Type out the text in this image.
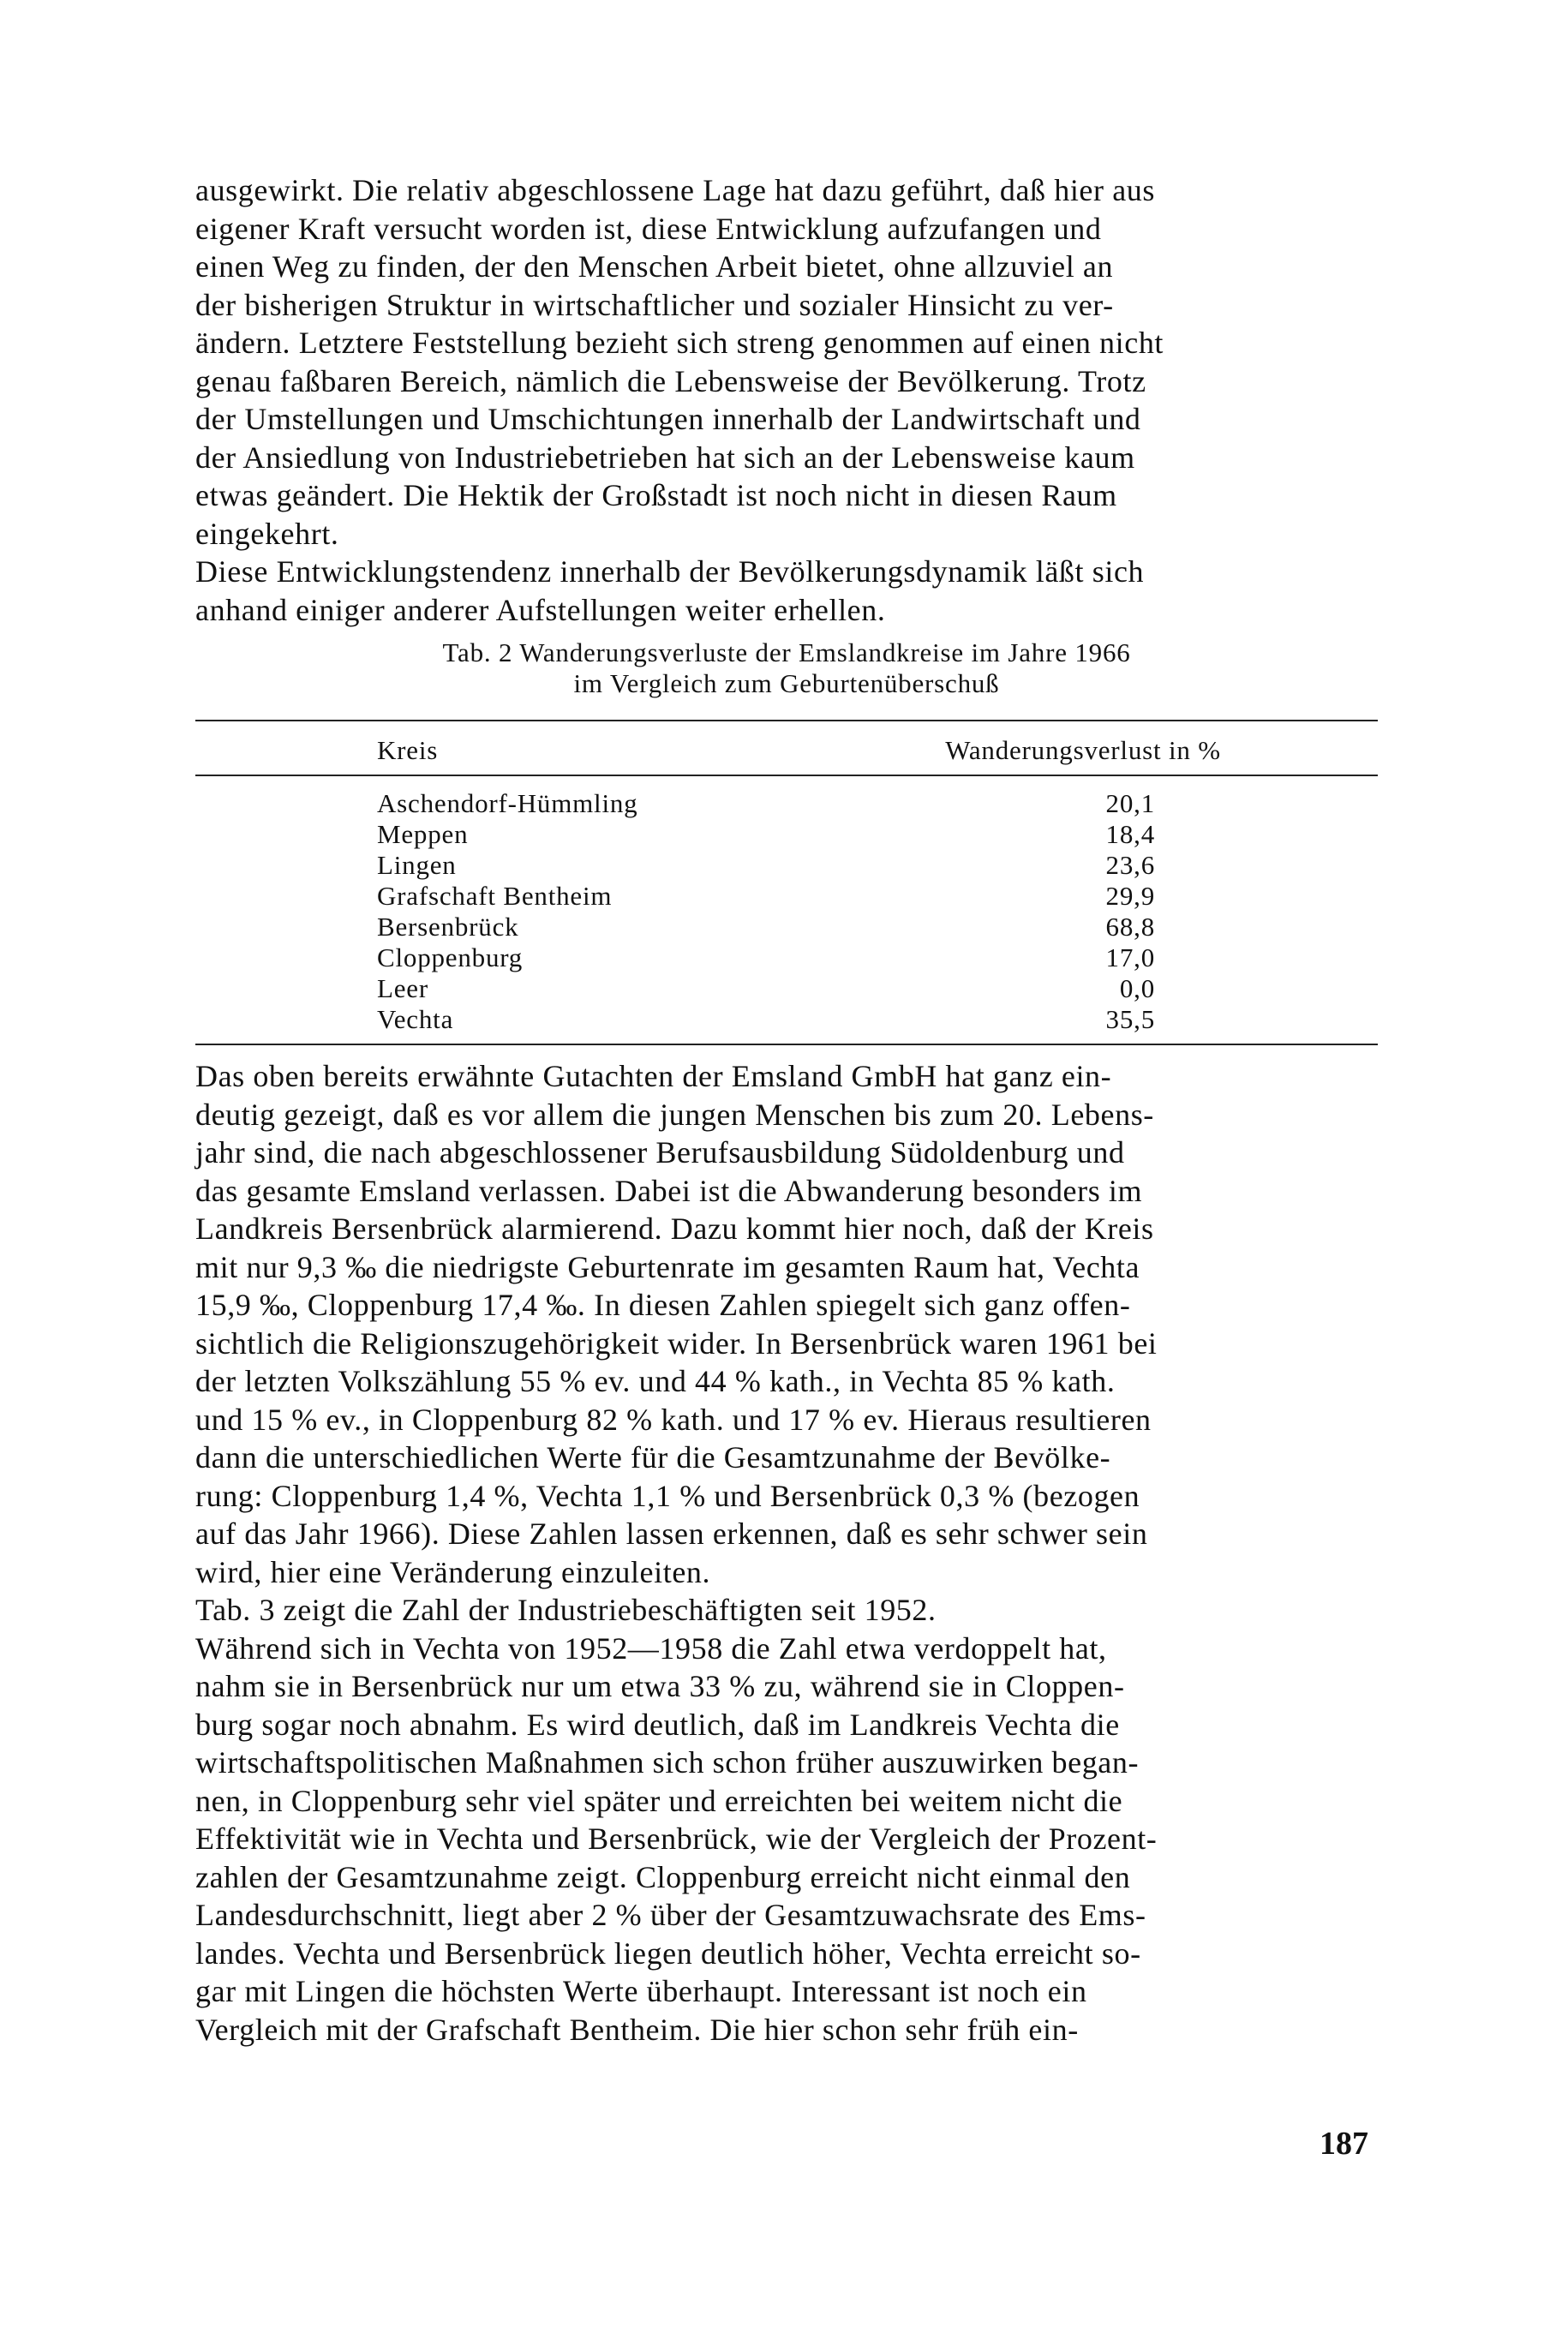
ausgewirkt. Die relativ abgeschlossene Lage hat dazu geführt, daß hier aus

eigener Kraft versucht worden ist, diese Entwicklung aufzufangen und

einen Weg zu finden, der den Menschen Arbeit bietet, ohne allzuviel an

der bisherigen Struktur in wirtschaftlicher und sozialer Hinsicht zu ver-

ändern. Letztere Feststellung bezieht sich streng genommen auf einen nicht

genau faßbaren Bereich, nämlich die Lebensweise der Bevölkerung. Trotz

der Umstellungen und Umschichtungen innerhalb der Landwirtschaft und

der Ansiedlung von Industriebetrieben hat sich an der Lebensweise kaum

etwas geändert. Die Hektik der Großstadt ist noch nicht in diesen Raum

eingekehrt.

Diese Entwicklungstendenz innerhalb der Bevölkerungsdynamik läßt sich

anhand einiger anderer Aufstellungen weiter erhellen.

Tab. 2 Wanderungsverluste der Emslandkreise im Jahre 1966

im Vergleich zum Geburtenüberschuß

Kreis	Wanderungsverlust in %
Aschendorf-Hümmling	20,1
Meppen	18,4
Lingen	23,6
Grafschaft Bentheim	29,9
Bersenbrück	68,8
Cloppenburg	17,0
Leer	0,0
Vechta	35,5

Das oben bereits erwähnte Gutachten der Emsland GmbH hat ganz ein-

deutig gezeigt, daß es vor allem die jungen Menschen bis zum 20. Lebens-

jahr sind, die nach abgeschlossener Berufsausbildung Südoldenburg und

das gesamte Emsland verlassen. Dabei ist die Abwanderung besonders im

Landkreis Bersenbrück alarmierend. Dazu kommt hier noch, daß der Kreis

mit nur 9,3 ‰ die niedrigste Geburtenrate im gesamten Raum hat, Vechta

15,9 ‰, Cloppenburg 17,4 ‰. In diesen Zahlen spiegelt sich ganz offen-

sichtlich die Religionszugehörigkeit wider. In Bersenbrück waren 1961 bei

der letzten Volkszählung 55 % ev. und 44 % kath., in Vechta 85 % kath.

und 15 % ev., in Cloppenburg 82 % kath. und 17 % ev. Hieraus resultieren

dann die unterschiedlichen Werte für die Gesamtzunahme der Bevölke-

rung: Cloppenburg 1,4 %, Vechta 1,1 % und Bersenbrück 0,3 % (bezogen

auf das Jahr 1966). Diese Zahlen lassen erkennen, daß es sehr schwer sein

wird, hier eine Veränderung einzuleiten.

Tab. 3 zeigt die Zahl der Industriebeschäftigten seit 1952.

Während sich in Vechta von 1952—1958 die Zahl etwa verdoppelt hat,

nahm sie in Bersenbrück nur um etwa 33 % zu, während sie in Cloppen-

burg sogar noch abnahm. Es wird deutlich, daß im Landkreis Vechta die

wirtschaftspolitischen Maßnahmen sich schon früher auszuwirken began-

nen, in Cloppenburg sehr viel später und erreichten bei weitem nicht die

Effektivität wie in Vechta und Bersenbrück, wie der Vergleich der Prozent-

zahlen der Gesamtzunahme zeigt. Cloppenburg erreicht nicht einmal den

Landesdurchschnitt, liegt aber 2 % über der Gesamtzuwachsrate des Ems-

landes. Vechta und Bersenbrück liegen deutlich höher, Vechta erreicht so-

gar mit Lingen die höchsten Werte überhaupt. Interessant ist noch ein

Vergleich mit der Grafschaft Bentheim. Die hier schon sehr früh ein-

187
